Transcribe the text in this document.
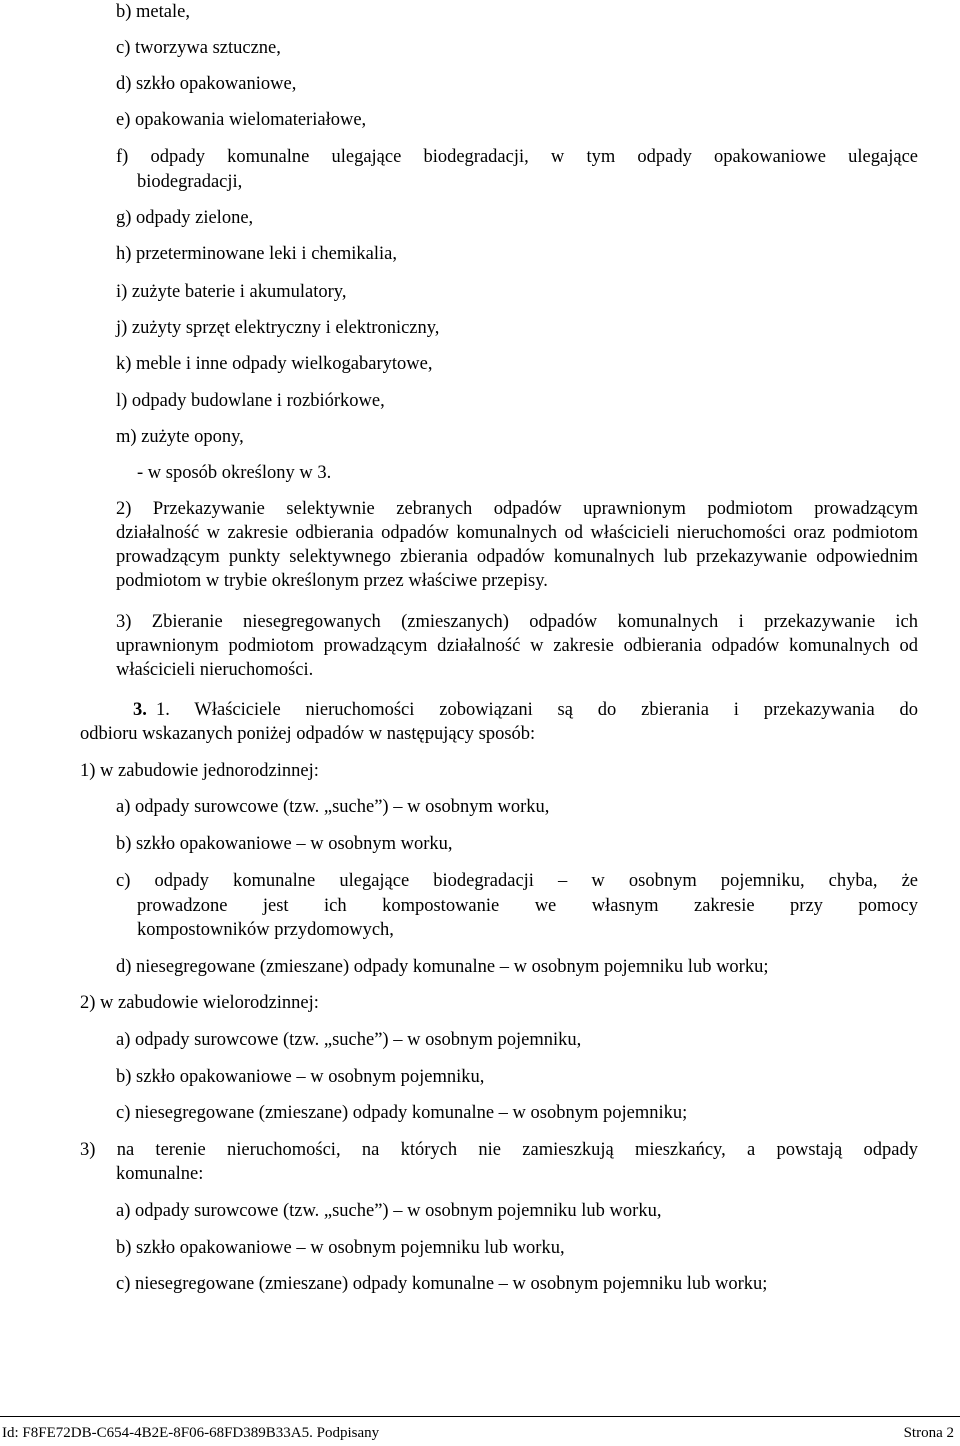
b) metale,

c) tworzywa sztuczne,

d) szkło opakowaniowe,

e) opakowania wielomateriałowe,

f) odpady komunalne ulegające biodegradacji, w tym odpady opakowaniowe ulegające

biodegradacji,

g) odpady zielone,

h) przeterminowane leki i chemikalia,

i) zużyte baterie i akumulatory,

j) zużyty sprzęt elektryczny i elektroniczny,

k) meble i inne odpady wielkogabarytowe,

l) odpady budowlane i rozbiórkowe,

m) zużyte opony,

- w sposób określony w 3.

2) Przekazywanie selektywnie zebranych odpadów uprawnionym podmiotom prowadzącym

działalność w zakresie odbierania odpadów komunalnych od właścicieli nieruchomości oraz podmiotom prowadzącym punkty selektywnego zbierania odpadów komunalnych lub przekazywanie odpowiednim podmiotom w trybie określonym przez właściwe przepisy.

3) Zbieranie niesegregowanych (zmieszanych) odpadów komunalnych i przekazywanie ich

uprawnionym podmiotom prowadzącym działalność w zakresie odbierania odpadów komunalnych od właścicieli nieruchomości.

3. 1. Właściciele nieruchomości zobowiązani są do zbierania i przekazywania do

odbioru wskazanych poniżej odpadów w następujący sposób:

1) w zabudowie jednorodzinnej:

a) odpady surowcowe (tzw. „suche”) – w osobnym worku,

b) szkło opakowaniowe – w osobnym worku,

c) odpady komunalne ulegające biodegradacji – w osobnym pojemniku, chyba, że

prowadzone jest ich kompostowanie we własnym zakresie przy pomocy

kompostowników przydomowych,

d) niesegregowane (zmieszane) odpady komunalne – w osobnym pojemniku lub worku;

2) w zabudowie wielorodzinnej:

a) odpady surowcowe (tzw. „suche”) – w osobnym pojemniku,

b) szkło opakowaniowe – w osobnym pojemniku,

c) niesegregowane (zmieszane) odpady komunalne – w osobnym pojemniku;

3) na terenie nieruchomości, na których nie zamieszkują mieszkańcy, a powstają odpady

komunalne:

a) odpady surowcowe (tzw. „suche”) – w osobnym pojemniku lub worku,

b) szkło opakowaniowe – w osobnym pojemniku lub worku,

c) niesegregowane (zmieszane) odpady komunalne – w osobnym pojemniku lub worku;

Id: F8FE72DB-C654-4B2E-8F06-68FD389B33A5. Podpisany	Strona 2
